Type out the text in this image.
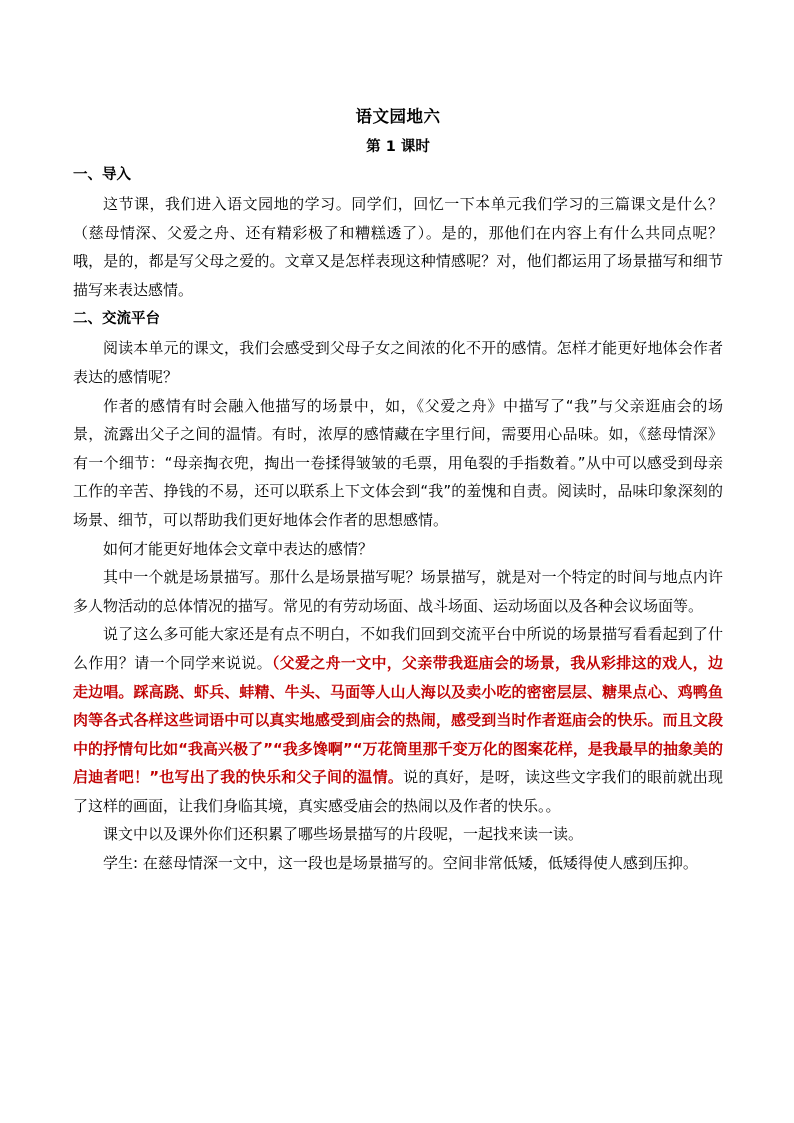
语文园地六
第 1 课时
一、导入

这节课，我们进入语文园地的学习。同学们，回忆一下本单元我们学习的三篇课文是什么？（慈母情深、父爱之舟、还有精彩极了和糟糕透了）。是的，那他们在内容上有什么共同点呢？哦，是的，都是写父母之爱的。文章又是怎样表现这种情感呢？对，他们都运用了场景描写和细节描写来表达感情。

二、交流平台

阅读本单元的课文，我们会感受到父母子女之间浓的化不开的感情。怎样才能更好地体会作者表达的感情呢？

作者的感情有时会融入他描写的场景中，如，《父爱之舟》中描写了“我”与父亲逛庙会的场景，流露出父子之间的温情。有时，浓厚的感情藏在字里行间，需要用心品味。如，《慈母情深》有一个细节：“母亲掏衣兜，掏出一卷揉得皱皱的毛票，用龟裂的手指数着。”从中可以感受到母亲工作的辛苦、挣钱的不易，还可以联系上下文体会到“我”的羞愧和自责。阅读时，品味印象深刻的场景、细节，可以帮助我们更好地体会作者的思想感情。

如何才能更好地体会文章中表达的感情？

其中一个就是场景描写。那什么是场景描写呢？场景描写，就是对一个特定的时间与地点内许多人物活动的总体情况的描写。常见的有劳动场面、战斗场面、运动场面以及各种会议场面等。

说了这么多可能大家还是有点不明白，不如我们回到交流平台中所说的场景描写看看起到了什么作用？请一个同学来说说。（父爱之舟一文中，父亲带我逛庙会的场景，我从彩排这的戏人，边走边唱。踩高跷、虾兵、蚌精、牛头、马面等人山人海以及卖小吃的密密层层、糖果点心、鸡鸭鱼肉等各式各样这些词语中可以真实地感受到庙会的热闹，感受到当时作者逛庙会的快乐。而且文段中的抒情句比如“我高兴极了”“我多馋啊”“万花筒里那千变万化的图案花样，是我最早的抽象美的启迪者吧！”也写出了我的快乐和父子间的温情。说的真好，是呀，读这些文字我们的眼前就出现了这样的画面，让我们身临其境，真实感受庙会的热闹以及作者的快乐。。

课文中以及课外你们还积累了哪些场景描写的片段呢，一起找来读一读。

学生: 在慈母情深一文中，这一段也是场景描写的。空间非常低矮，低矮得使人感到压抑。
